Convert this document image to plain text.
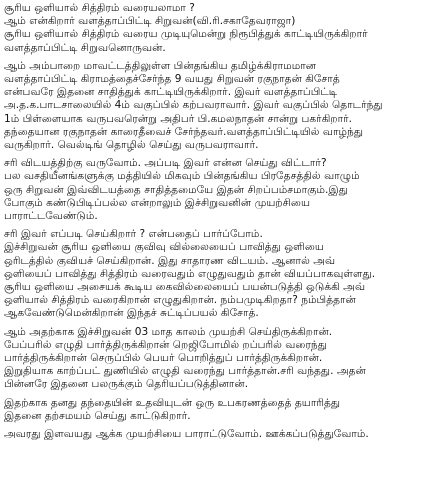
சூரிய ஒளியால் சித்திரம் வரையலாமா ?
ஆம் என்கிறார் வளத்தாப்பிட்டி சிறுவன்(வி.ரி.சகாதேவராஜா)
சூரிய ஒளியால் சித்திரம் வரைய முடியுமென்று நிரூபித்துக் காட்டியிருக்கிறார்
வளத்தாப்பிட்டி சிறுவனொருவன்.
ஆம் அம்பாறை மாவட்டத்திலுள்ள பின்தங்கிய தமிழ்க்கிராமமான
வளத்தாப்பிட்டி கிராமத்தைச்சேர்ந்த 9 வயது சிறுவன் ரகுநாதன் கிசோத்
என்பவரே இதனை சாதித்துக் காட்டியிருக்கிறார். இவர் வளத்தாப்பிட்டி
அ.த.க.பாடசாலையில் 4ம் வகுப்பில் கற்பவராவார். இவர் வகுப்பில் தொடர்ந்து
1ம் பிள்ளையாக வருபவரென்று அதிபர் பி.கமலநாதன் சான்று பகர்கிறார்.
தந்தையான ரகுநாதன் காரைதீவைச் சேர்ந்தவர்.வளத்தாப்பிட்டியில் வாழ்ந்து
வருகிறார். வெல்டிங் தொழில் செய்து வருபவராவார்.
சரி விடயத்திற்கு வருவோம். அப்படி இவர் என்ன செய்து விட்டார்?
பல வசதியீனங்களுக்கு மத்தியில் மிகவும் பின்தங்கிய பிரதேசத்தில் வாழும்
ஒரு சிறுவன் இவ்விடயத்தை சாதித்தமையே இதன் சிறப்பம்சமாகும்.இது
போகும் கண்டுபிடிப்பல்ல என்றாலும் இச்சிறுவனின் முயற்சியை
பாராட்டவேண்டும்.
சரி இவர் எப்படி செய்கிறார் ? என்பதைப் பார்ப்போம்.
இச்சிறுவன் சூரிய ஒளியை குவிவு வில்லையைப் பாவித்து ஒளியை
ஒரிடத்தில் குவியச் செய்கிறான். இது சாதாரண விடயம். ஆனால் அவ்
ஒளியைப் பாவித்து சித்திரம் வரைவதும் எழுதுவதும் தான் வியப்பாகவுள்ளது.
சூரிய ஒளியை அசையக் கூடிய கைவில்லையைப் பயன்படுத்தி ஒடுக்கி அவ்
ஒளியால் சித்திரம் வரைகிறான் எழுதுகிறான். நம்பமுடிகிறதா? நம்பித்தான்
ஆகவேண்டுமென்கிறான் இந்தச் சுட்டிப்பயல் கிசோத்.
ஆம் அதற்காக இச்சிறுவன் 03 மாத காலம் முயற்சி செய்திருக்கிறான்.
பேப்பரில் எழுதி பார்த்திருக்கிறான் றெஜிபோமில் றப்பரில் வரைந்து
பார்த்திருக்கிறான் செருப்பில் பெயர் பொறித்துப் பார்த்திருக்கிறான்.
இறுதியாக காற்ப்பட் துணியில் எழுதி வரைந்து பார்த்தான்.சரி வந்தது. அதன்
பின்னரே இதனை பலருக்கும் தெரியப்படுத்தினான்.
இதற்காக தனது தந்தையின் உதவியுடன் ஒரு உபகரணத்தைத் தயாரித்து
இதனை தற்சமயம் செய்து காட்டுகிறார்.
அவரது இளவயது ஆக்க முயற்சியை பாராட்டுவோம். ஊக்கப்படுத்துவோம்.
